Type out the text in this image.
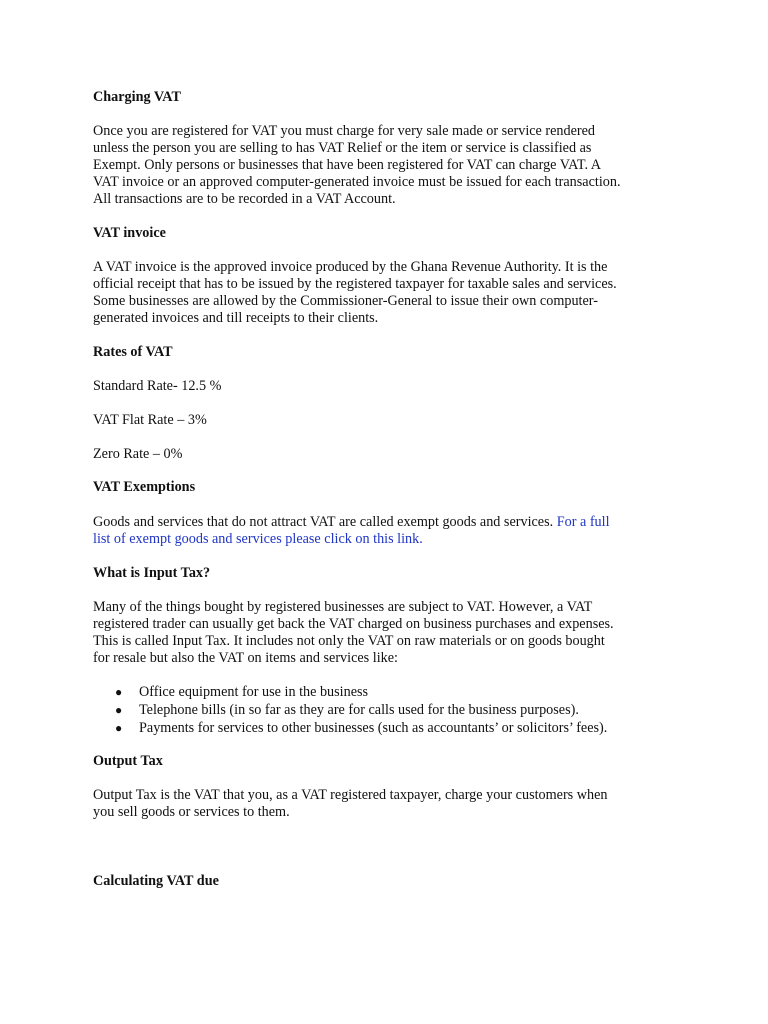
Charging VAT

Once you are registered for VAT you must charge for very sale made or service rendered
unless the person you are selling to has VAT Relief or the item or service is classified as
Exempt. Only persons or businesses that have been registered for VAT can charge VAT. A
VAT invoice or an approved computer-generated invoice must be issued for each transaction.
All transactions are to be recorded in a VAT Account.

VAT invoice

A VAT invoice is the approved invoice produced by the Ghana Revenue Authority. It is the
official receipt that has to be issued by the registered taxpayer for taxable sales and services.
Some businesses are allowed by the Commissioner-General to issue their own computer-
generated invoices and till receipts to their clients.

Rates of VAT

Standard Rate- 12.5 %

VAT Flat Rate – 3%

Zero Rate – 0%

VAT Exemptions

Goods and services that do not attract VAT are called exempt goods and services. For a full
list of exempt goods and services please click on this link.

What is Input Tax?

Many of the things bought by registered businesses are subject to VAT. However, a VAT
registered trader can usually get back the VAT charged on business purchases and expenses.
This is called Input Tax. It includes not only the VAT on raw materials or on goods bought
for resale but also the VAT on items and services like:

● Office equipment for use in the business
● Telephone bills (in so far as they are for calls used for the business purposes).
● Payments for services to other businesses (such as accountants’ or solicitors’ fees).
Output Tax

Output Tax is the VAT that you, as a VAT registered taxpayer, charge your customers when
you sell goods or services to them.

Calculating VAT due
